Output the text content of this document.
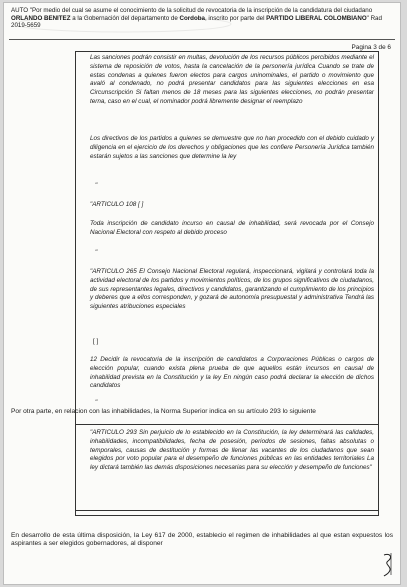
AUTO "Por medio del cual se asume el conocimiento de la solicitud de revocatoria de la inscripción de la candidatura del ciudadano ORLANDO BENITEZ a la Gobernación del departamento de Cordoba, inscrito por parte del PARTIDO LIBERAL COLOMBIANO" Rad 2019-5659
Pagina 3 de 6

Las sanciones podrán consistir en multas, devolución de los recursos públicos percibidos mediante el sistema de reposición de votos, hasta la cancelación de la personería jurídica Cuando se trate de estas condenas a quienes fueron electos para cargos uninominales, el partido o movimiento que avaló al condenado, no podrá presentar candidatos para las siguientes elecciones en esa Circunscripción Si faltan menos de 18 meses para las siguientes elecciones, no podrán presentar terna, caso en el cual, el nominador podrá libremente designar el reemplazo

Los directivos de los partidos a quienes se demuestre que no han procedido con el debido cuidado y diligencia en el ejercicio de los derechos y obligaciones que les confiere Personería Jurídica también estarán sujetos a las sanciones que determine la ley

"

"ARTICULO 108 [ ]

Toda inscripción de candidato incurso en causal de inhabilidad, será revocada por el Consejo Nacional Electoral con respeto al debido proceso

"

"ARTICULO 265 El Consejo Nacional Electoral regulará, inspeccionará, vigilará y controlará toda la actividad electoral de los partidos y movimientos políticos, de los grupos significativos de ciudadanos, de sus representantes legales, directivos y candidatos, garantizando el cumplimiento de los principios y deberes que a ellos corresponden, y gozará de autonomía presupuestal y administrativa Tendrá las siguientes atribuciones especiales

[ ]

12 Decidir la revocatoria de la inscripción de candidatos a Corporaciones Públicas o cargos de elección popular, cuando exista plena prueba de que aquellos están incursos en causal de inhabilidad prevista en la Constitución y la ley En ningún caso podrá declarar la elección de dichos candidatos

"

Por otra parte, en relacion con las inhabilidades, la Norma Superior indica en su artículo 293 lo siguiente

"ARTICULO 293 Sin perjuicio de lo establecido en la Constitución, la ley determinará las calidades, inhabilidades, incompatibilidades, fecha de posesión, periodos de sesiones, faltas absolutas o temporales, causas de destitución y formas de llenar las vacantes de los ciudadanos que sean elegidos por voto popular para el desempeño de funciones públicas en las entidades territoriales La ley dictará también las demás disposiciones necesarias para su elección y desempeño de funciones"

En desarrollo de esta última disposición, la Ley 617 de 2000, establecio el regimen de inhabilidades al que estan expuestos los aspirantes a ser elegidos gobernadores, al disponer
